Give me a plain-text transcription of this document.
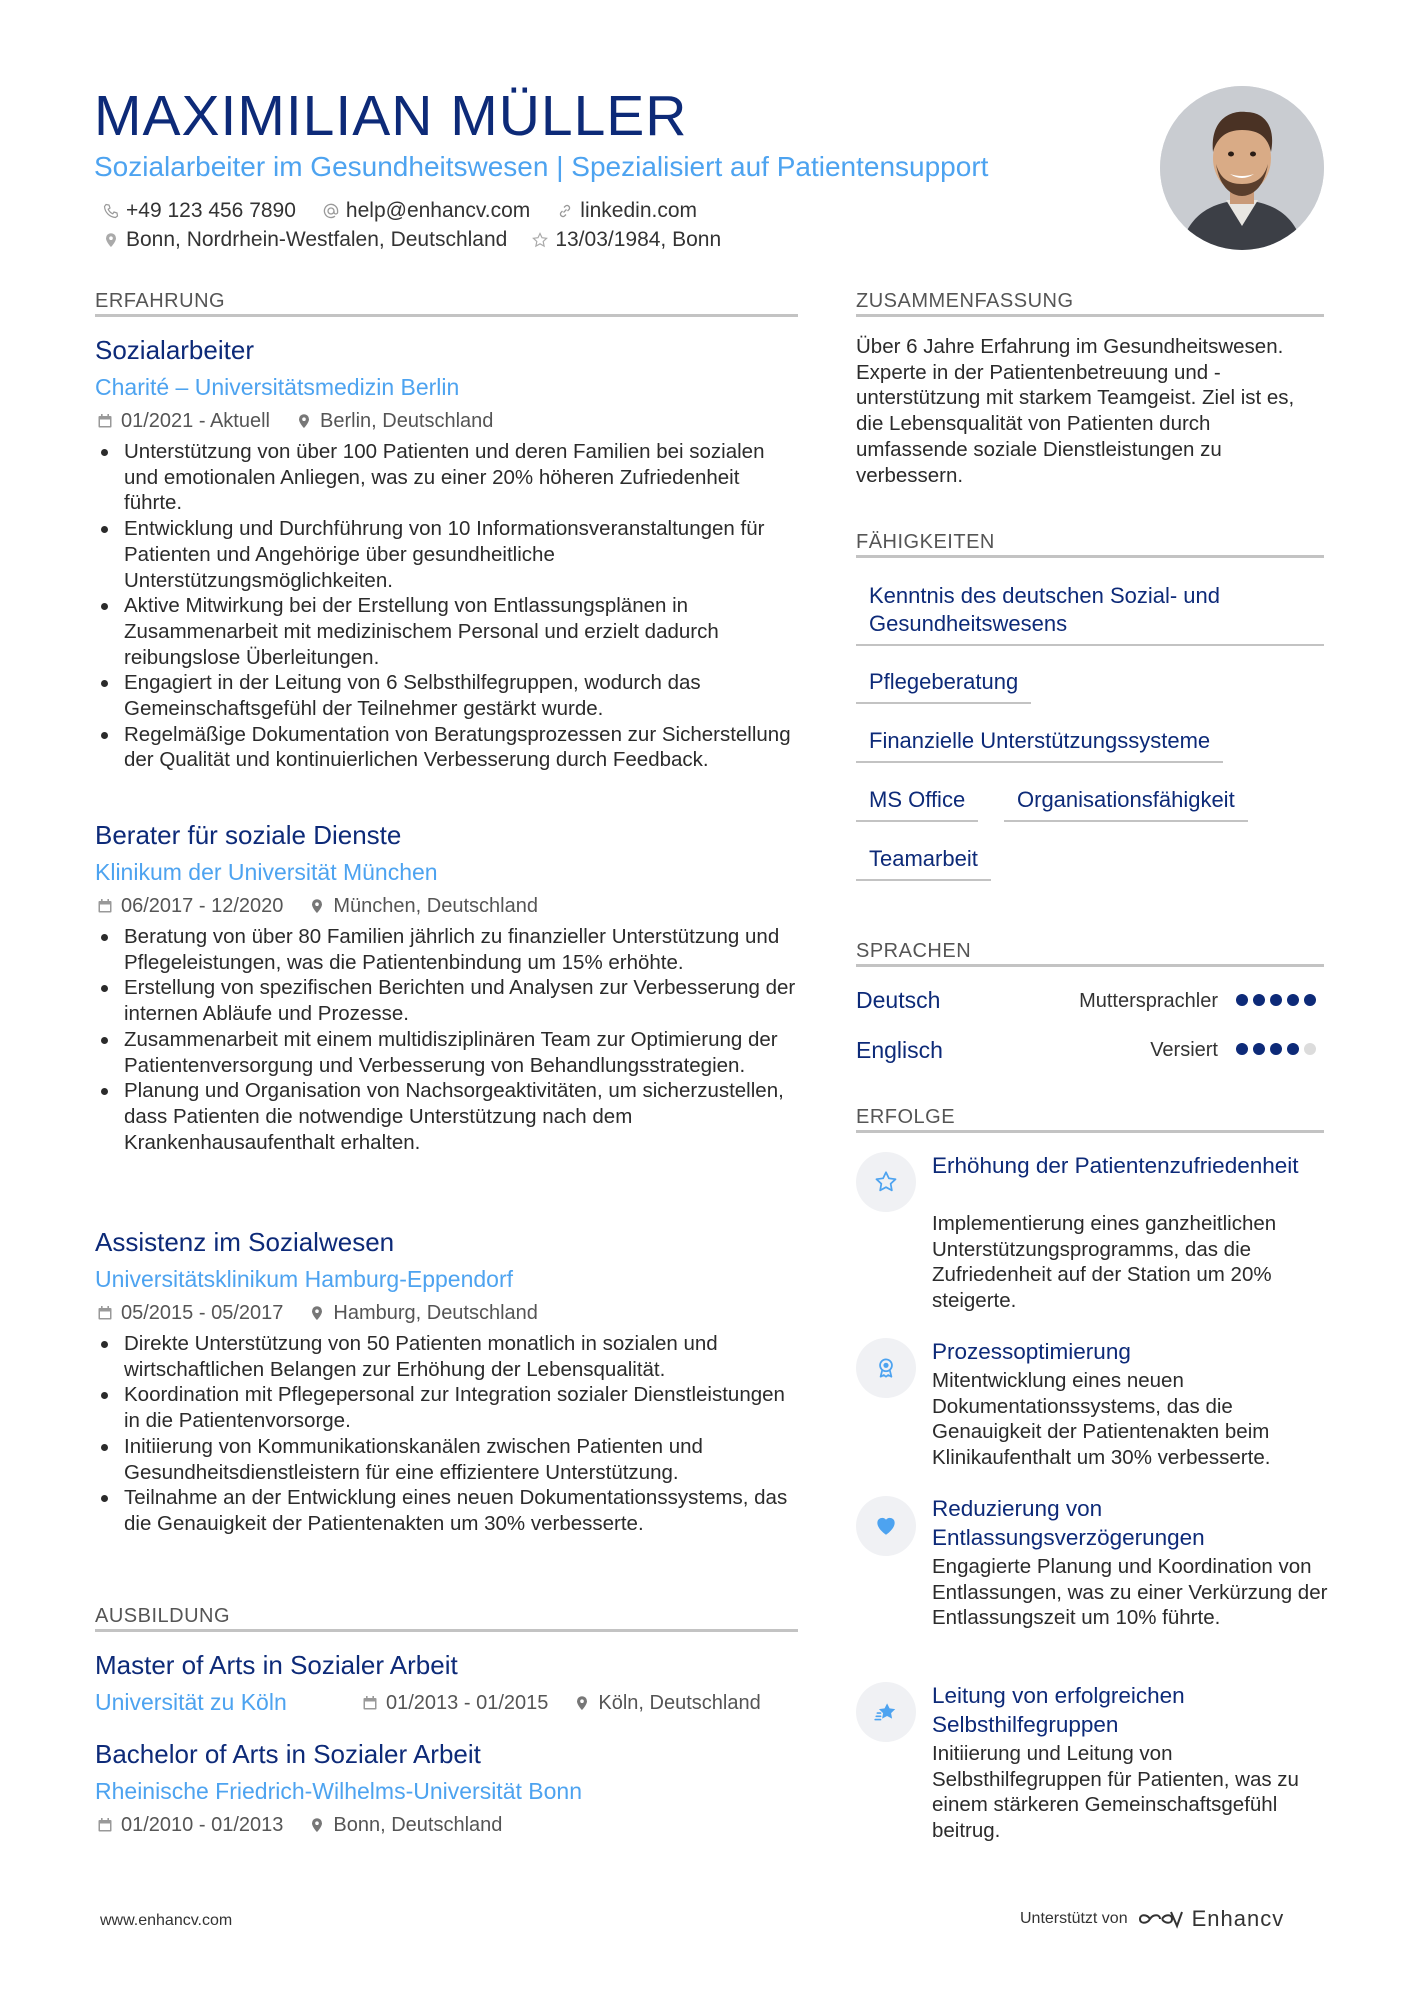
MAXIMILIAN MÜLLER
Sozialarbeiter im Gesundheitswesen | Spezialisiert auf Patientensupport
+49 123 456 7890 help@enhancv.com linkedin.com
Bonn, Nordrhein-Westfalen, Deutschland 13/03/1984, Bonn
ERFAHRUNG
Sozialarbeiter
Charité – Universitätsmedizin Berlin
01/2021 - Aktuell	Berlin, Deutschland
Unterstützung von über 100 Patienten und deren Familien bei sozialen und emotionalen Anliegen, was zu einer 20% höheren Zufriedenheit führte.
Entwicklung und Durchführung von 10 Informationsveranstaltungen für Patienten und Angehörige über gesundheitliche Unterstützungsmöglichkeiten.
Aktive Mitwirkung bei der Erstellung von Entlassungsplänen in Zusammenarbeit mit medizinischem Personal und erzielt dadurch reibungslose Überleitungen.
Engagiert in der Leitung von 6 Selbsthilfegruppen, wodurch das Gemeinschaftsgefühl der Teilnehmer gestärkt wurde.
Regelmäßige Dokumentation von Beratungsprozessen zur Sicherstellung der Qualität und kontinuierlichen Verbesserung durch Feedback.
Berater für soziale Dienste
Klinikum der Universität München
06/2017 - 12/2020	München, Deutschland
Beratung von über 80 Familien jährlich zu finanzieller Unterstützung und Pflegeleistungen, was die Patientenbindung um 15% erhöhte.
Erstellung von spezifischen Berichten und Analysen zur Verbesserung der internen Abläufe und Prozesse.
Zusammenarbeit mit einem multidisziplinären Team zur Optimierung der Patientenversorgung und Verbesserung von Behandlungsstrategien.
Planung und Organisation von Nachsorgeaktivitäten, um sicherzustellen, dass Patienten die notwendige Unterstützung nach dem Krankenhausaufenthalt erhalten.
Assistenz im Sozialwesen
Universitätsklinikum Hamburg-Eppendorf
05/2015 - 05/2017	Hamburg, Deutschland
Direkte Unterstützung von 50 Patienten monatlich in sozialen und wirtschaftlichen Belangen zur Erhöhung der Lebensqualität.
Koordination mit Pflegepersonal zur Integration sozialer Dienstleistungen in die Patientenvorsorge.
Initiierung von Kommunikationskanälen zwischen Patienten und Gesundheitsdienstleistern für eine effizientere Unterstützung.
Teilnahme an der Entwicklung eines neuen Dokumentationssystems, das die Genauigkeit der Patientenakten um 30% verbesserte.
AUSBILDUNG
Master of Arts in Sozialer Arbeit
Universität zu Köln	01/2013 - 01/2015	Köln, Deutschland
Bachelor of Arts in Sozialer Arbeit
Rheinische Friedrich-Wilhelms-Universität Bonn
01/2010 - 01/2013	Bonn, Deutschland
ZUSAMMENFASSUNG
Über 6 Jahre Erfahrung im Gesundheitswesen. Experte in der Patientenbetreuung und -unterstützung mit starkem Teamgeist. Ziel ist es, die Lebensqualität von Patienten durch umfassende soziale Dienstleistungen zu verbessern.
FÄHIGKEITEN
Kenntnis des deutschen Sozial- und Gesundheitswesens
Pflegeberatung
Finanzielle Unterstützungssysteme
MS Office	Organisationsfähigkeit
Teamarbeit
SPRACHEN
Deutsch	Muttersprachler
Englisch	Versiert
ERFOLGE
Erhöhung der Patientenzufriedenheit
Implementierung eines ganzheitlichen Unterstützungsprogramms, das die Zufriedenheit auf der Station um 20% steigerte.
Prozessoptimierung
Mitentwicklung eines neuen Dokumentationssystems, das die Genauigkeit der Patientenakten beim Klinikaufenthalt um 30% verbesserte.
Reduzierung von Entlassungsverzögerungen
Engagierte Planung und Koordination von Entlassungen, was zu einer Verkürzung der Entlassungszeit um 10% führte.
Leitung von erfolgreichen Selbsthilfegruppen
Initiierung und Leitung von Selbsthilfegruppen für Patienten, was zu einem stärkeren Gemeinschaftsgefühl beitrug.
www.enhancv.com	Unterstützt von	Enhancv
